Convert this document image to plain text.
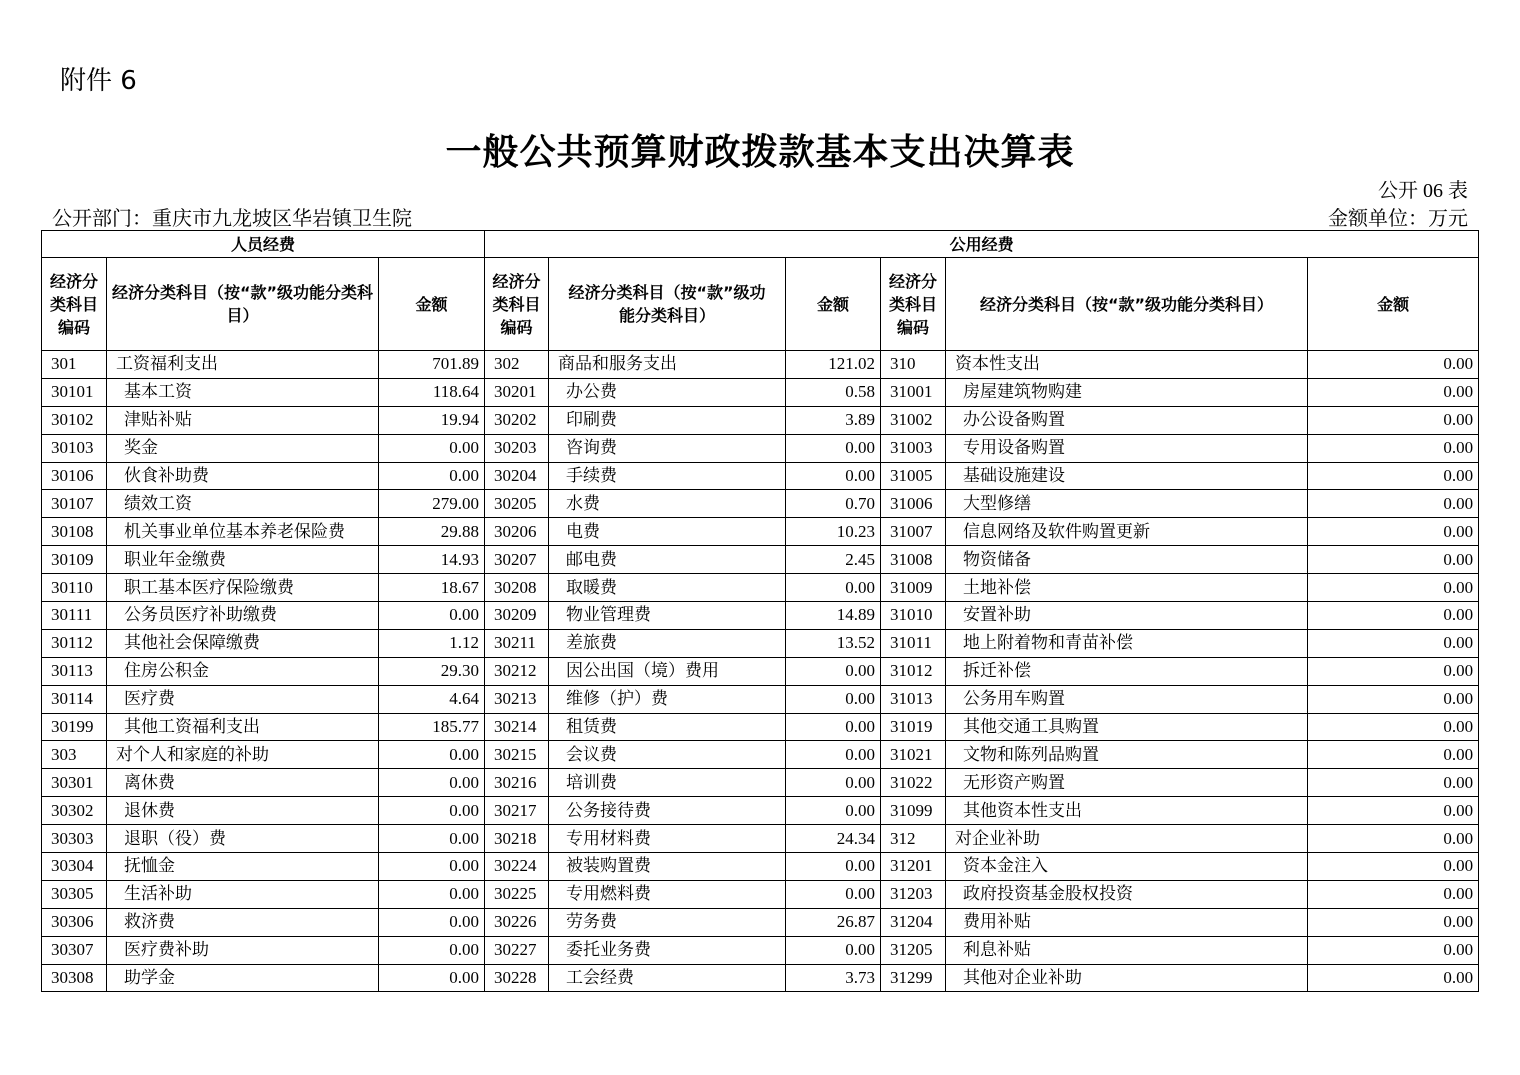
附件 6
一般公共预算财政拨款基本支出决算表
公开 06 表
公开部门：重庆市九龙坡区华岩镇卫生院	金额单位：万元
人员经费			公用经费					
经济分类科目编码	经济分类科目（按“款”级功能分类科目）	金额	经济分类科目编码	经济分类科目（按“款”级功能分类科目）	金额	经济分类科目编码	经济分类科目（按“款”级功能分类科目）	金额
301	工资福利支出	701.89	302	商品和服务支出	121.02	310	资本性支出	0.00
30101	基本工资	118.64	30201	办公费	0.58	31001	房屋建筑物购建	0.00
30102	津贴补贴	19.94	30202	印刷费	3.89	31002	办公设备购置	0.00
30103	奖金	0.00	30203	咨询费	0.00	31003	专用设备购置	0.00
30106	伙食补助费	0.00	30204	手续费	0.00	31005	基础设施建设	0.00
30107	绩效工资	279.00	30205	水费	0.70	31006	大型修缮	0.00
30108	机关事业单位基本养老保险费	29.88	30206	电费	10.23	31007	信息网络及软件购置更新	0.00
30109	职业年金缴费	14.93	30207	邮电费	2.45	31008	物资储备	0.00
30110	职工基本医疗保险缴费	18.67	30208	取暖费	0.00	31009	土地补偿	0.00
30111	公务员医疗补助缴费	0.00	30209	物业管理费	14.89	31010	安置补助	0.00
30112	其他社会保障缴费	1.12	30211	差旅费	13.52	31011	地上附着物和青苗补偿	0.00
30113	住房公积金	29.30	30212	因公出国（境）费用	0.00	31012	拆迁补偿	0.00
30114	医疗费	4.64	30213	维修（护）费	0.00	31013	公务用车购置	0.00
30199	其他工资福利支出	185.77	30214	租赁费	0.00	31019	其他交通工具购置	0.00
303	对个人和家庭的补助	0.00	30215	会议费	0.00	31021	文物和陈列品购置	0.00
30301	离休费	0.00	30216	培训费	0.00	31022	无形资产购置	0.00
30302	退休费	0.00	30217	公务接待费	0.00	31099	其他资本性支出	0.00
30303	退职（役）费	0.00	30218	专用材料费	24.34	312	对企业补助	0.00
30304	抚恤金	0.00	30224	被装购置费	0.00	31201	资本金注入	0.00
30305	生活补助	0.00	30225	专用燃料费	0.00	31203	政府投资基金股权投资	0.00
30306	救济费	0.00	30226	劳务费	26.87	31204	费用补贴	0.00
30307	医疗费补助	0.00	30227	委托业务费	0.00	31205	利息补贴	0.00
30308	助学金	0.00	30228	工会经费	3.73	31299	其他对企业补助	0.00
